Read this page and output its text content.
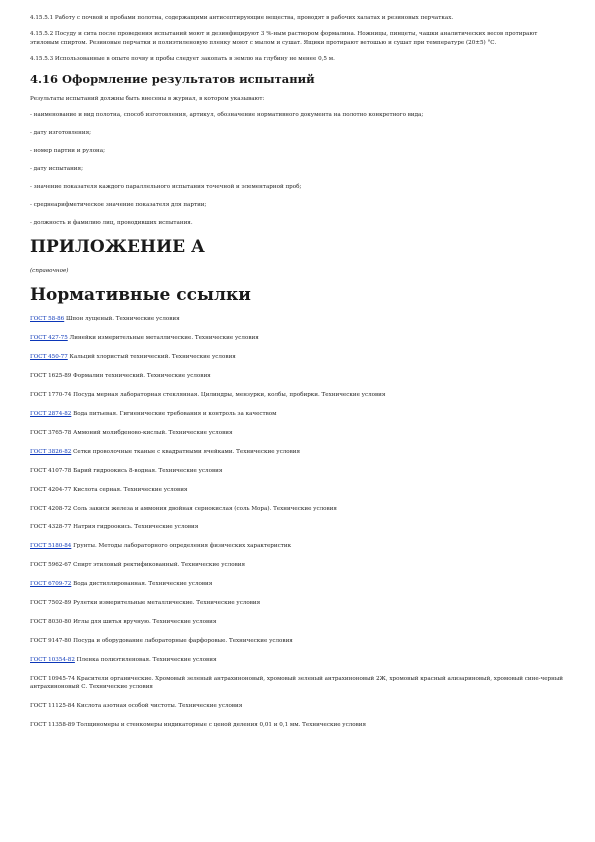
4.15.5.1 Работу с почвой и пробами полотна, содержащими антисептирующие вещества, проводят в рабочих халатах и резиновых перчатках.

4.15.5.2 Посуду и сита после проведения испытаний моют и дезинфицируют 3 %-ным раствором формалина. Ножницы, пинцеты, чашки аналитических весов протирают этиловым спиртом. Резиновые перчатки и полиэтиленовую пленку моют с мылом и сушат. Ящики протирают ветошью и сушат при температуре (20±5) °С.

4.15.5.3 Использованные в опыте почву и пробы следует закопать в землю на глубину не менее 0,5 м.

4.16 Оформление результатов испытаний

Результаты испытаний должны быть внесены в журнал, в котором указывают:

- наименование и вид полотна, способ изготовления, артикул, обозначение нормативного документа на полотно конкретного вида;

- дату изготовления;

- номер партии и рулона;

- дату испытания;

- значение показателя каждого параллельного испытания точечной и элементарной проб;

- среднеарифметическое значение показателя для партии;

- должность и фамилию лиц, проводивших испытания.

ПРИЛОЖЕНИЕ А

(справочное)

Нормативные ссылки

ГОСТ 58-86 Шпон лущеный. Технические условия

ГОСТ 427-75 Линейки измерительные металлические. Технические условия

ГОСТ 450-77 Кальций хлористый технический. Технические условия

ГОСТ 1625-89 Формалин технический. Технические условия

ГОСТ 1770-74 Посуда мерная лабораторная стеклянная. Цилиндры, мензурки, колбы, пробирки. Технические условия

ГОСТ 2874-82 Вода питьевая. Гигиенические требования и контроль за качеством

ГОСТ 3765-78 Аммоний молибденово-кислый. Технические условия

ГОСТ 3826-82 Сетки проволочные тканые с квадратными ячейками. Технические условия

ГОСТ 4107-78 Барий гидроокись 8-водная. Технические условия

ГОСТ 4204-77 Кислота серная. Технические условия

ГОСТ 4208-72 Соль закиси железа и аммония двойная сернокислая (соль Мора). Технические условия

ГОСТ 4328-77 Натрия гидроокись. Технические условия

ГОСТ 5180-84 Грунты. Методы лабораторного определения физических характеристик

ГОСТ 5962-67 Спирт этиловый ректификованный. Технические условия

ГОСТ 6709-72 Вода дистиллированная. Технические условия

ГОСТ 7502-89 Рулетки измерительные металлические. Технические условия

ГОСТ 8030-80 Иглы для шитья вручную. Технические условия

ГОСТ 9147-80 Посуда и оборудование лабораторные фарфоровые. Технические условия

ГОСТ 10354-82 Пленка полиэтиленовая. Технические условия

ГОСТ 10945-74 Красители органические. Хромовый зеленый антрахиноновый, хромовый зеленый антрахиноновый 2Ж, хромовый красный ализариновый, хромовый сине-черный антрахиноновый С. Технические условия

ГОСТ 11125-84 Кислота азотная особой чистоты. Технические условия

ГОСТ 11358-89 Толщиномеры и стенкомеры индикаторные с ценой деления 0,01 и 0,1 мм. Технические условия
